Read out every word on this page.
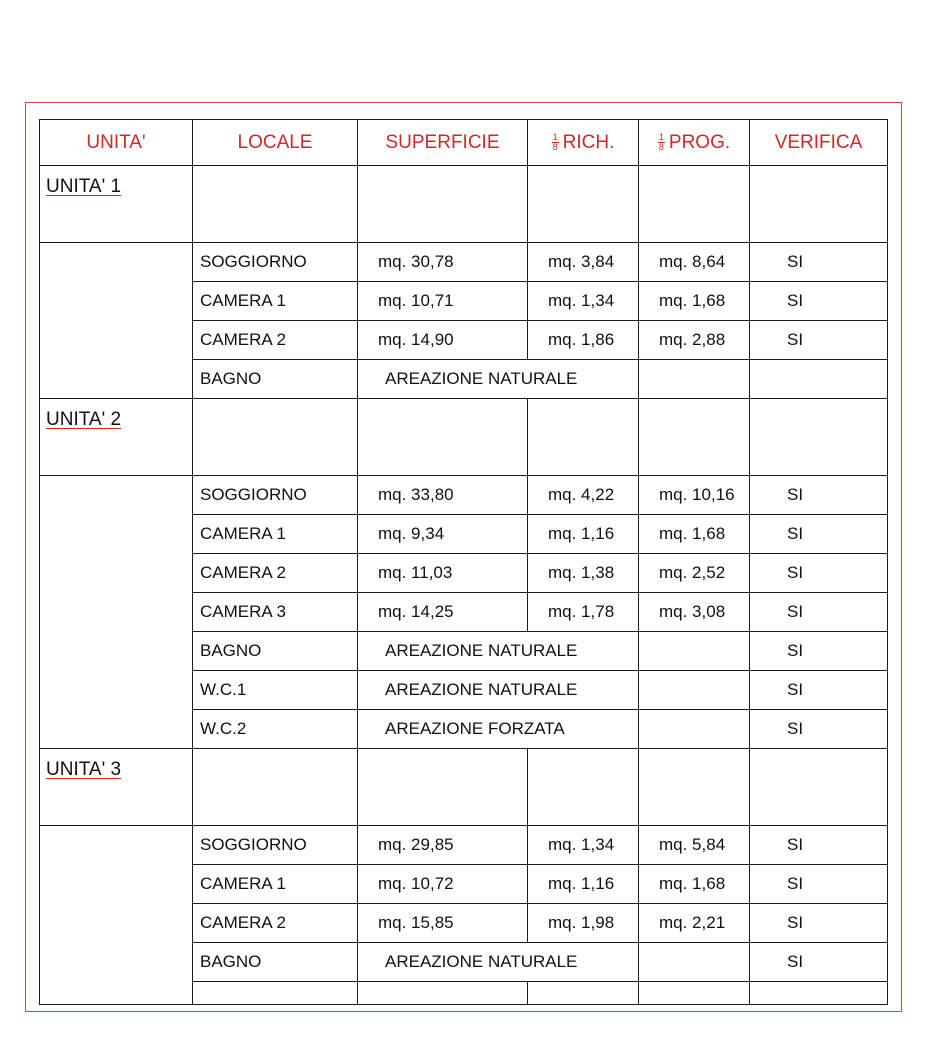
UNITA'	LOCALE	SUPERFICIE	$\frac{1}{8}$ RICH.	$\frac{1}{8}$ PROG.	VERIFICA

UNITA' 1					

	SOGGIORNO	mq. 30,78	mq. 3,84	mq. 8,64	SI
	CAMERA 1	mq. 10,71	mq. 1,34	mq. 1,68	SI
	CAMERA 2	mq. 14,90	mq. 1,86	mq. 2,88	SI
	BAGNO	AREAZIONE NATURALE			

UNITA' 2					

	SOGGIORNO	mq. 33,80	mq. 4,22	mq. 10,16	SI
	CAMERA 1	mq. 9,34	mq. 1,16	mq. 1,68	SI
	CAMERA 2	mq. 11,03	mq. 1,38	mq. 2,52	SI
	CAMERA 3	mq. 14,25	mq. 1,78	mq. 3,08	SI
	BAGNO	AREAZIONE NATURALE			SI
	W.C.1	AREAZIONE NATURALE			SI
	W.C.2	AREAZIONE FORZATA			SI

UNITA' 3					

	SOGGIORNO	mq. 29,85	mq. 1,34	mq. 5,84	SI
	CAMERA 1	mq. 10,72	mq. 1,16	mq. 1,68	SI
	CAMERA 2	mq. 15,85	mq. 1,98	mq. 2,21	SI
	BAGNO	AREAZIONE NATURALE			SI
